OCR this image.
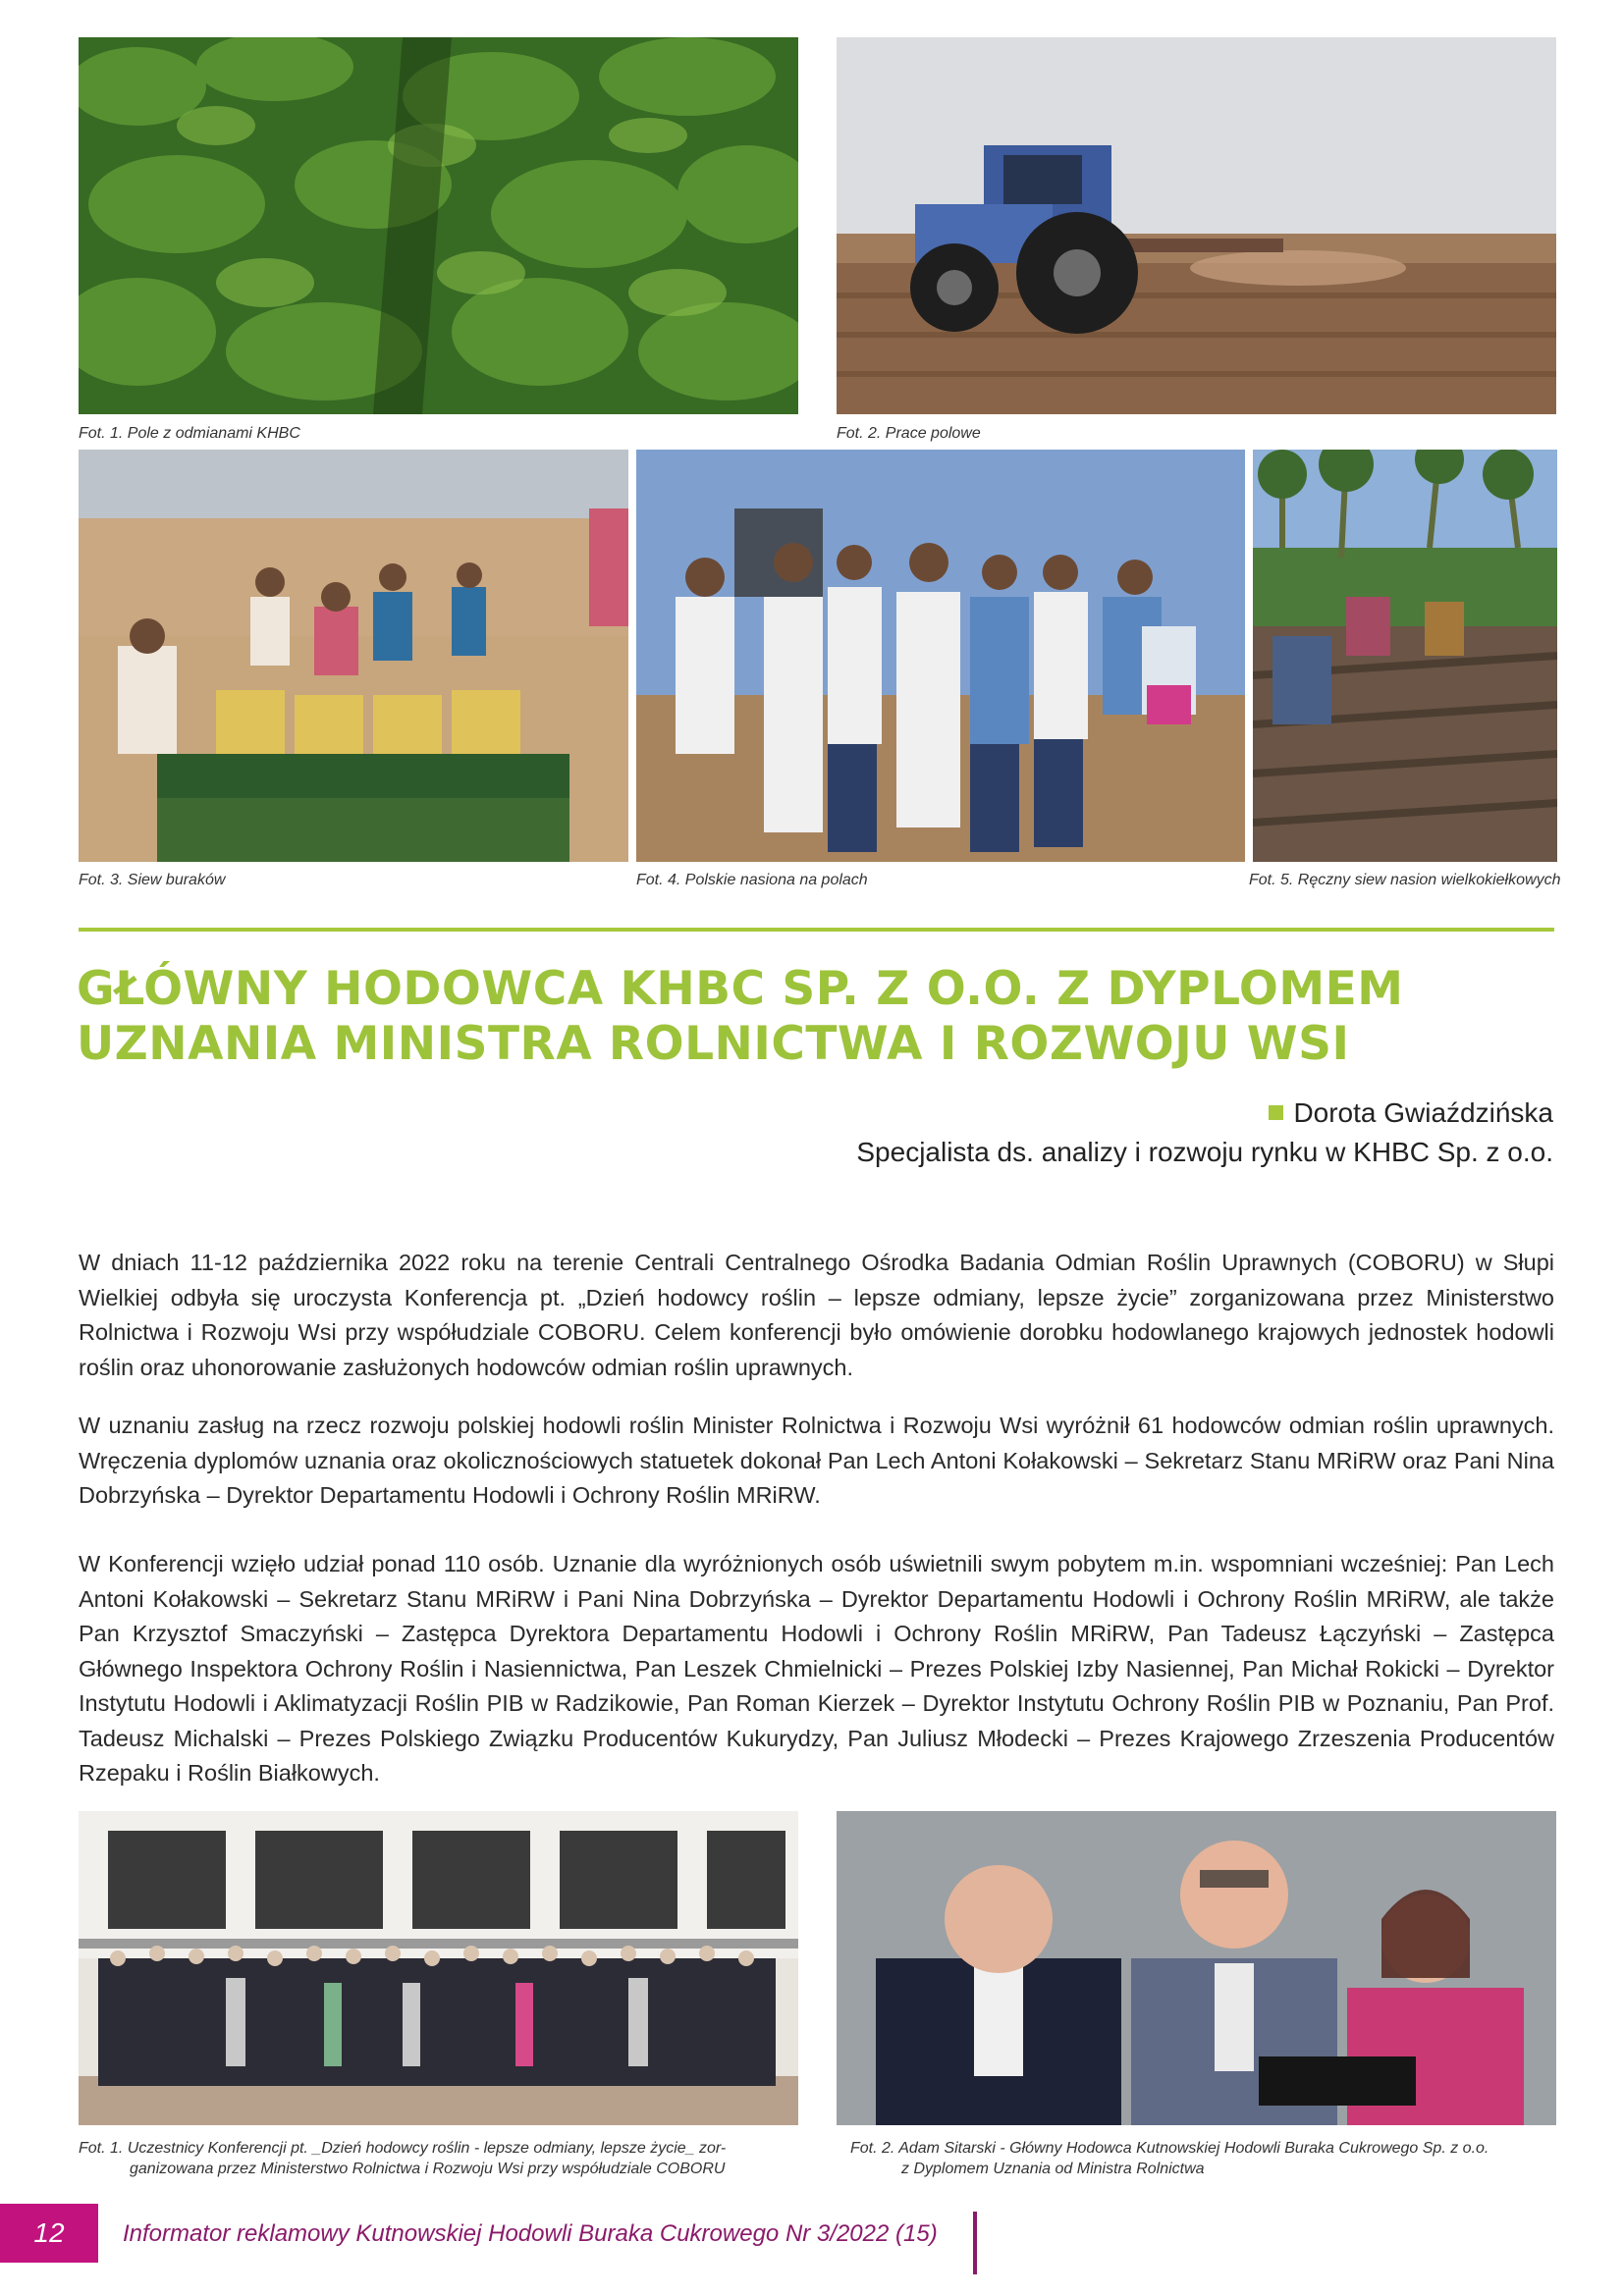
Fot. 1. Pole z odmianami KHBC	Fot. 2. Prace polowe
Fot. 3. Siew buraków	Fot. 4. Polskie nasiona na polach	Fot. 5. Ręczny siew nasion wielkokiełkowych
GŁÓWNY HODOWCA KHBC SP. Z O.O. Z DYPLOMEM
UZNANIA MINISTRA ROLNICTWA I ROZWOJU WSI
Dorota Gwiaździńska
Specjalista ds. analizy i rozwoju rynku w KHBC Sp. z o.o.

W dniach 11-12 października 2022 roku na terenie Centrali Centralnego Ośrodka Badania Odmian Roślin Uprawnych (COBORU) w Słupi Wielkiej odbyła się uroczysta Konferencja pt. „Dzień hodowcy roślin – lepsze odmiany, lepsze życie” zorganizowana przez Ministerstwo Rolnictwa i Rozwoju Wsi przy współudziale COBORU. Celem konferencji było omówienie dorobku hodowlanego krajowych jednostek hodowli roślin oraz uhonorowanie zasłużonych hodowców odmian roślin uprawnych.

W uznaniu zasług na rzecz rozwoju polskiej hodowli roślin Minister Rolnictwa i Rozwoju Wsi wyróżnił 61 hodowców odmian roślin uprawnych. Wręczenia dyplomów uznania oraz okolicznościowych statuetek dokonał Pan Lech Antoni Kołakowski – Sekretarz Stanu MRiRW oraz Pani Nina Dobrzyńska – Dyrektor Departamentu Hodowli i Ochrony Roślin MRiRW.

W Konferencji wzięło udział ponad 110 osób. Uznanie dla wyróżnionych osób uświetnili swym pobytem m.in. wspomniani wcześniej: Pan Lech Antoni Kołakowski – Sekretarz Stanu MRiRW i Pani Nina Dobrzyńska – Dyrektor Departamentu Hodowli i Ochrony Roślin MRiRW, ale także Pan Krzysztof Smaczyński – Zastępca Dyrektora Departamentu Hodowli i Ochrony Roślin MRiRW, Pan Tadeusz Łączyński – Zastępca Głównego Inspektora Ochrony Roślin i Nasiennictwa, Pan Leszek Chmielnicki – Prezes Polskiej Izby Nasiennej, Pan Michał Rokicki – Dyrektor Instytutu Hodowli i Aklimatyzacji Roślin PIB w Radzikowie, Pan Roman Kierzek – Dyrektor Instytutu Ochrony Roślin PIB w Poznaniu, Pan Prof. Tadeusz Michalski – Prezes Polskiego Związku Producentów Kukurydzy, Pan Juliusz Młodecki – Prezes Krajowego Zrzeszenia Producentów Rzepaku i Roślin Białkowych.

Fot. 1. Uczestnicy Konferencji pt. _Dzień hodowcy roślin - lepsze odmiany, lepsze życie_ zor-
ganizowana przez Ministerstwo Rolnictwa i Rozwoju Wsi przy współudziale COBORU
Fot. 2. Adam Sitarski - Główny Hodowca Kutnowskiej Hodowli Buraka Cukrowego Sp. z o.o.
z Dyplomem Uznania od Ministra Rolnictwa
12	Informator reklamowy Kutnowskiej Hodowli Buraka Cukrowego Nr 3/2022 (15)
